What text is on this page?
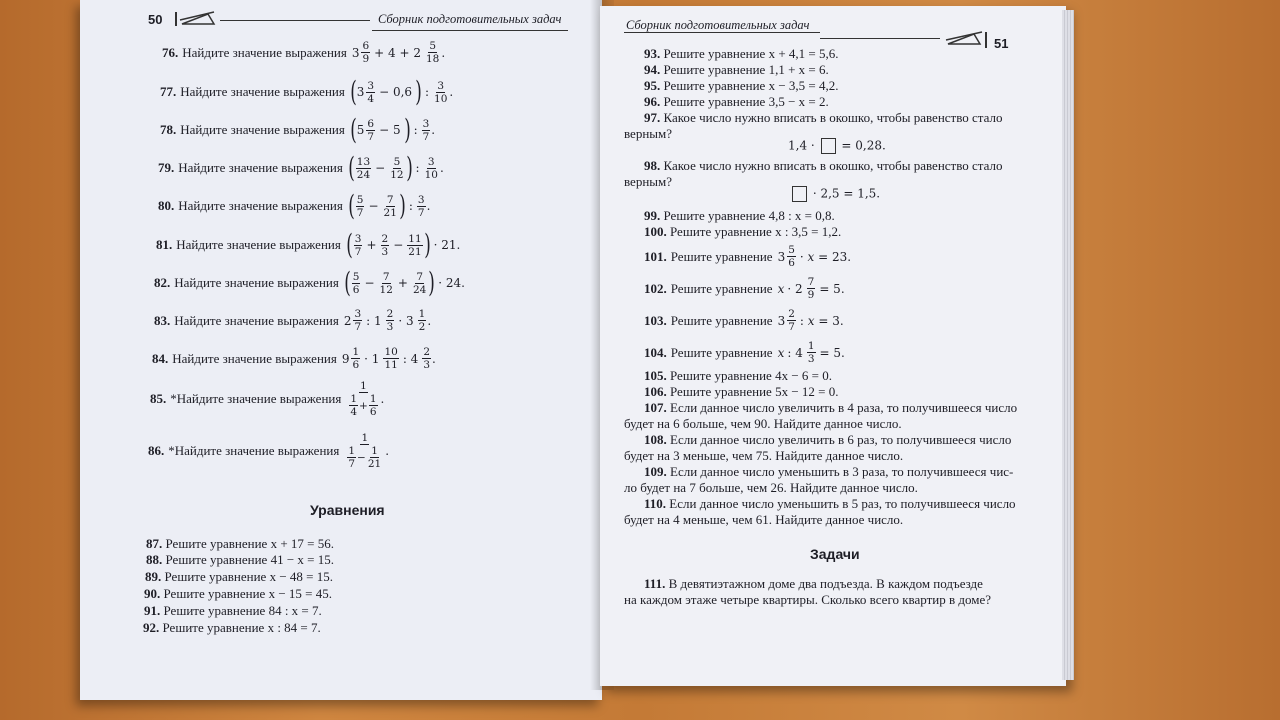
50	Сборник подготовительных задач
76. Найдите значение выражения 3 6
9 + 4 + 2 5
18 .
77. Найдите значение выражения ( 3 3
4 − 0,6 ) : 3
10 .
78. Найдите значение выражения ( 5 6
7 − 5 ) : 3
7 .
79. Найдите значение выражения ( 13
$24 - \frac{5}{12}$ ) : 3
10 .
80. Найдите значение выражения ( 5
$7 - \frac{7}{21}$ ) : 3
7 .
81. Найдите значение выражения ( 3
$7 + \frac{2}{3} - \frac{11}{21}$ ) · 21.
82. Найдите значение выражения ( 5
$6 - \frac{7}{12} + \frac{7}{24}$ ) · 24.
83. Найдите значение выражения 2 3
7 : 1 2
3 · 3 1
2 .
84. Найдите значение выражения 9 1
6 · 1 10
11 : 4 2
3 .
85. *Найдите значение выражения
1
1
4
+
1
6
.
86. *Найдите значение выражения
1
1
7
−
1
21
.
Уравнения
87. Решите уравнение x + 17 = 56.
88. Решите уравнение 41 − x = 15.
89. Решите уравнение x − 48 = 15.
90. Решите уравнение x − 15 = 45.
91. Решите уравнение 84 : x = 7.
92. Решите уравнение x : 84 = 7.
Сборник подготовительных задач
51
93. Решите уравнение x + 4,1 = 5,6.
94. Решите уравнение 1,1 + x = 6.
95. Решите уравнение x − 3,5 = 4,2.
96. Решите уравнение 3,5 − x = 2.
97. Какое число нужно вписать в окошко, чтобы равенство стало
верным?
1,4 · = 0,28.
98. Какое число нужно вписать в окошко, чтобы равенство стало
верным?
· 2,5 = 1,5.
99. Решите уравнение 4,8 : x = 0,8.
100. Решите уравнение x : 3,5 = 1,2.
101. Решите уравнение 3 5
6 · x = 23.
102. Решите уравнение $x \cdot 2 \frac{7}{9} = 5$.
103. Решите уравнение 3 2
7 : x = 3.
104. Решите уравнение x : $4 \frac{1}{3} = 5$.
105. Решите уравнение 4x − 6 = 0.
106. Решите уравнение 5x − 12 = 0.
107. Если данное число увеличить в 4 раза, то получившееся число
будет на 6 больше, чем 90. Найдите данное число.
108. Если данное число увеличить в 6 раз, то получившееся число
будет на 3 меньше, чем 75. Найдите данное число.
109. Если данное число уменьшить в 3 раза, то получившееся чис-
ло будет на 7 больше, чем 26. Найдите данное число.
110. Если данное число уменьшить в 5 раз, то получившееся число
будет на 4 меньше, чем 61. Найдите данное число.
Задачи
111. В девятиэтажном доме два подъезда. В каждом подъезде
на каждом этаже четыре квартиры. Сколько всего квартир в доме?
